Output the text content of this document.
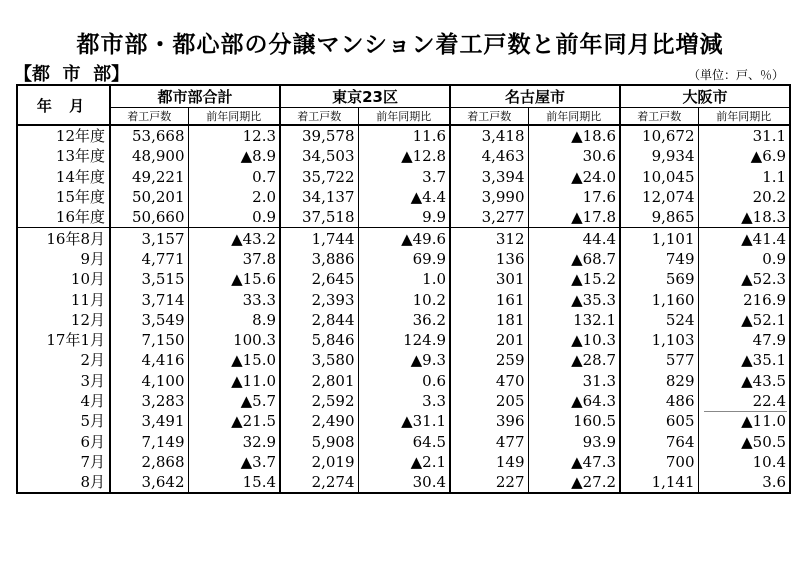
都市部・都心部の分譲マンション着工戸数と前年同月比増減
【都  市  部】	（単位：戸、％）
年 月	都市部合計		東京23区		名古屋市		大阪市	
	着工戸数	前年同期比	着工戸数	前年同期比	着工戸数	前年同期比	着工戸数	前年同期比
12年度	53,668	12.3	39,578	11.6	3,418	▲18.6	10,672	31.1
13年度	48,900	▲8.9	34,503	▲12.8	4,463	30.6	9,934	▲6.9
14年度	49,221	0.7	35,722	3.7	3,394	▲24.0	10,045	1.1
15年度	50,201	2.0	34,137	▲4.4	3,990	17.6	12,074	20.2
16年度	50,660	0.9	37,518	9.9	3,277	▲17.8	9,865	▲18.3
16年8月	3,157	▲43.2	1,744	▲49.6	312	44.4	1,101	▲41.4
9月	4,771	37.8	3,886	69.9	136	▲68.7	749	0.9
10月	3,515	▲15.6	2,645	1.0	301	▲15.2	569	▲52.3
11月	3,714	33.3	2,393	10.2	161	▲35.3	1,160	216.9
12月	3,549	8.9	2,844	36.2	181	132.1	524	▲52.1
17年1月	7,150	100.3	5,846	124.9	201	▲10.3	1,103	47.9
2月	4,416	▲15.0	3,580	▲9.3	259	▲28.7	577	▲35.1
3月	4,100	▲11.0	2,801	0.6	470	31.3	829	▲43.5
4月	3,283	▲5.7	2,592	3.3	205	▲64.3	486	22.4
5月	3,491	▲21.5	2,490	▲31.1	396	160.5	605	▲11.0
6月	7,149	32.9	5,908	64.5	477	93.9	764	▲50.5
7月	2,868	▲3.7	2,019	▲2.1	149	▲47.3	700	10.4
8月	3,642	15.4	2,274	30.4	227	▲27.2	1,141	3.6
